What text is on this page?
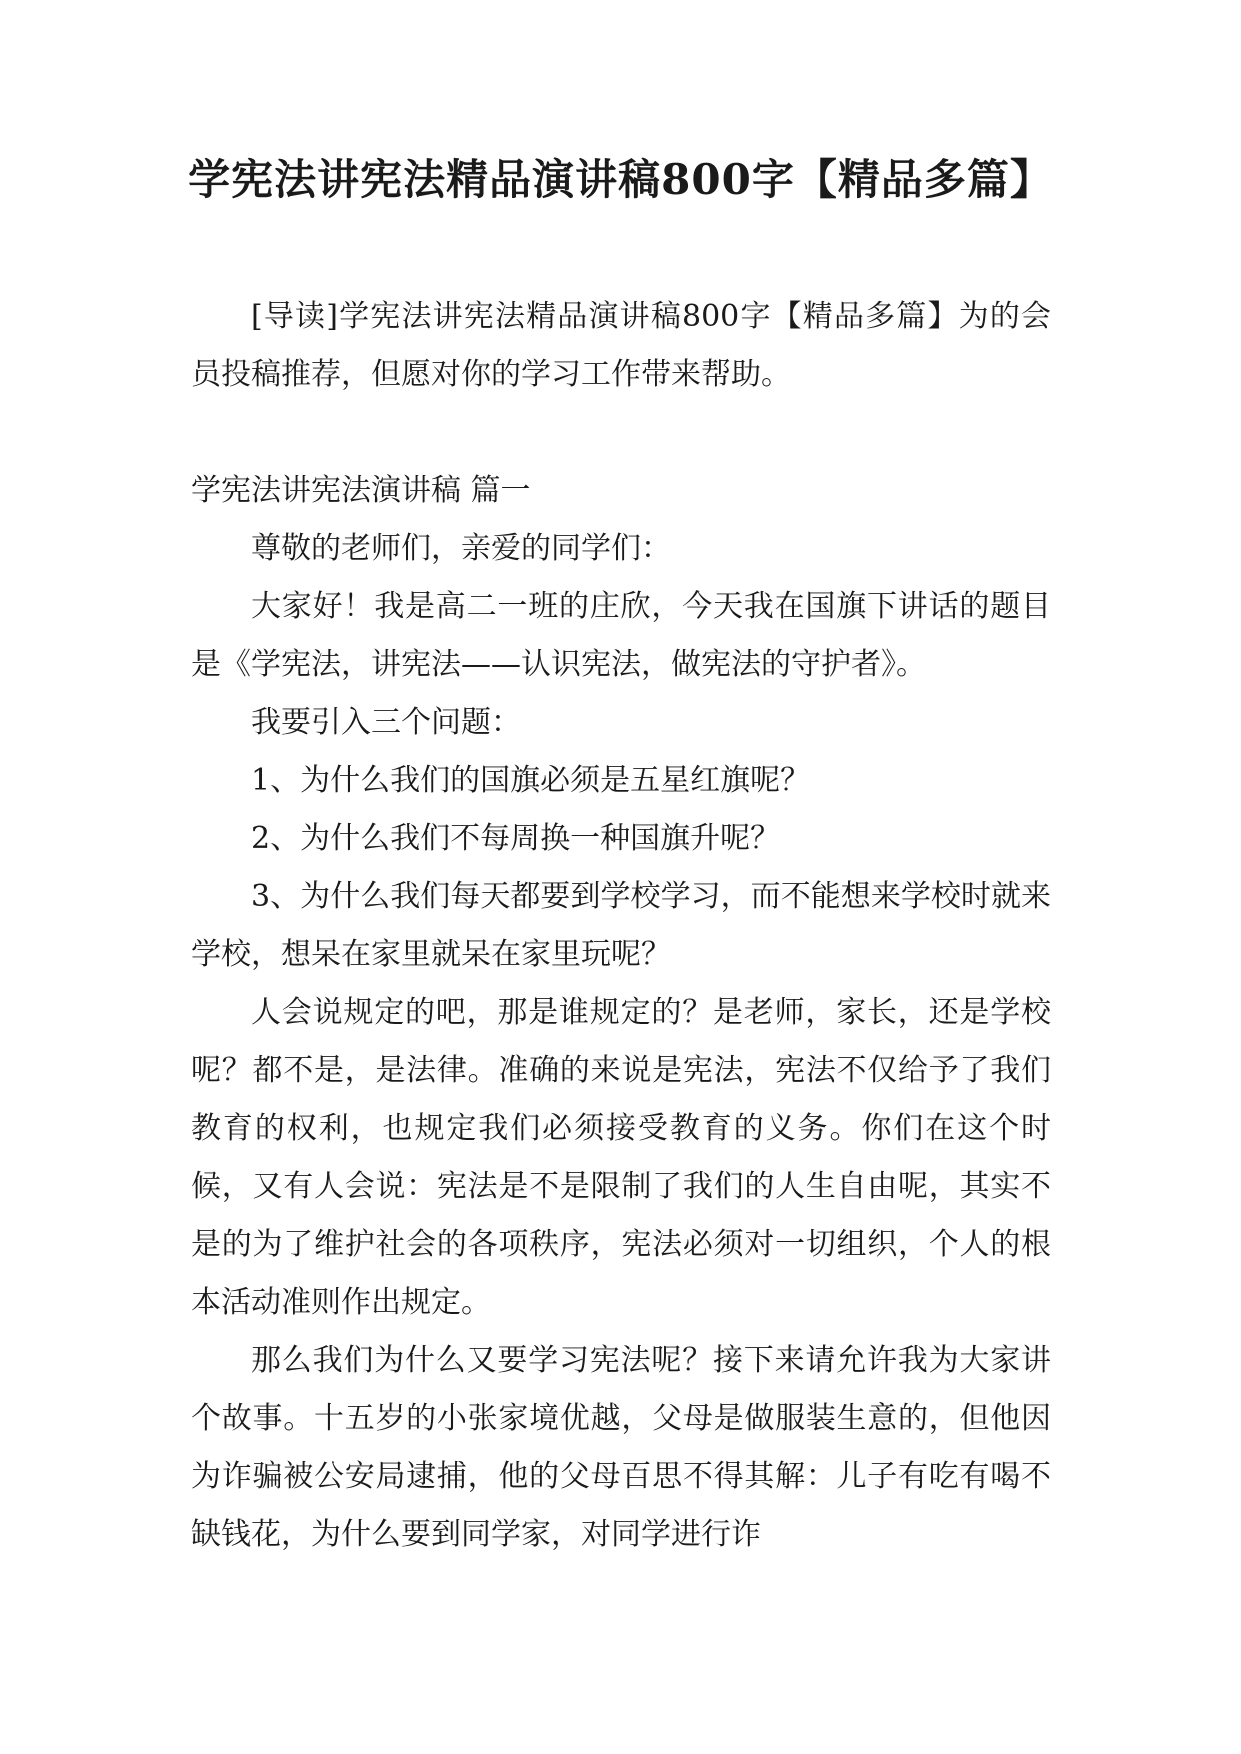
学宪法讲宪法精品演讲稿800字【精品多篇】

[导读]学宪法讲宪法精品演讲稿800字【精品多篇】为的会员投稿推荐，但愿对你的学习工作带来帮助。

学宪法讲宪法演讲稿 篇一

尊敬的老师们，亲爱的同学们：

大家好！我是高二一班的庄欣，今天我在国旗下讲话的题目是《学宪法，讲宪法——认识宪法，做宪法的守护者》。

我要引入三个问题：

1、为什么我们的国旗必须是五星红旗呢？

2、为什么我们不每周换一种国旗升呢？

3、为什么我们每天都要到学校学习，而不能想来学校时就来学校，想呆在家里就呆在家里玩呢？

人会说规定的吧，那是谁规定的？是老师，家长，还是学校呢？都不是，是法律。准确的来说是宪法，宪法不仅给予了我们教育的权利，也规定我们必须接受教育的义务。你们在这个时候，又有人会说：宪法是不是限制了我们的人生自由呢，其实不是的为了维护社会的各项秩序，宪法必须对一切组织，个人的根本活动准则作出规定。

那么我们为什么又要学习宪法呢？接下来请允许我为大家讲个故事。十五岁的小张家境优越，父母是做服装生意的，但他因为诈骗被公安局逮捕，他的父母百思不得其解：儿子有吃有喝不缺钱花，为什么要到同学家，对同学进行诈
